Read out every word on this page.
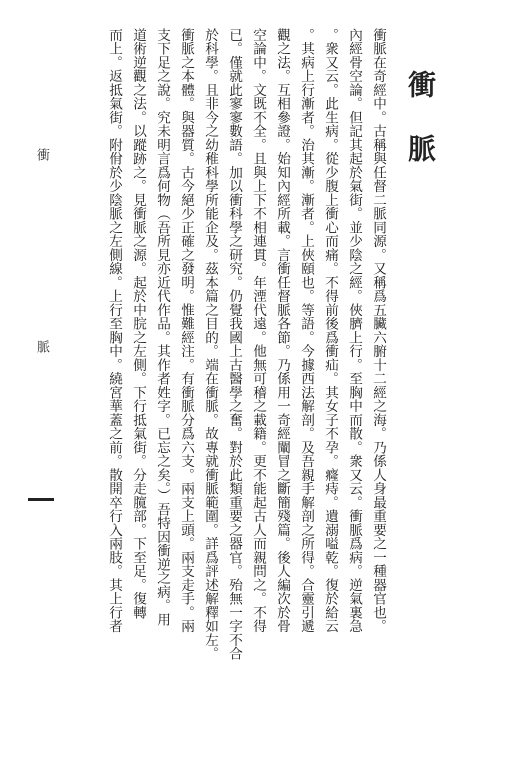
衝脈
衝脈在奇經中。古稱與任督二脈同源。又稱爲五臟六腑十二經之海。乃係人身最重要之一種器官也。
內經骨空論。但記其起於氣街。並少陰之經。俠臍上行。至胸中而散。衆又云。衝脈爲病。逆氣裏急
。衆又云。此生病。從少腹上衝心而痛。不得前後爲衝疝。其女子不孕。癃痔。遺溺嗌乾。復於給云
。其病上行漸者。治其漸。漸者。上俠頤也。等語。今據西法解剖。及吾親手解剖之所得。合靈引遞
觀之法。互相參證。始知內經所載。言衝任督脈各節。乃係用一奇經闡冒之斷簡殘篇。後人編次於骨
空論中。文既不全。且與上下不相連貫。年湮代遠。他無可稽之載籍。更不能起古人而親問之。不得
已。僅就此寥寥數語。加以衝科學之研究。仍覺我國上古醫學之奮。對於此類重要之器官。殆無一字不合
於科學。且非今之幼稚科學所能企及。茲本篇之目的。端在衝脈。故專就衝脈範圍。詳爲評述解釋如左。
衝脈之本體。與器質。古今絕少正確之發明。惟難經注。有衝脈分爲六支。兩支上頭。兩支走手。兩
支下足之說。究未明言爲何物（吾所見亦近代作品。其作者姓字。已忘之矣。）吾特因衝逆之病。用
道術逆觀之法。以蹤跡之。見衝脈之源。起於中脘之左側。下行抵氣街。分走臗部。下至足。復轉
而上。返抵氣街。附佾於少陰脈之左側線。上行至胸中。繞宮華蓋之前。散開卒行入兩肢。其上行者
衝
脈
